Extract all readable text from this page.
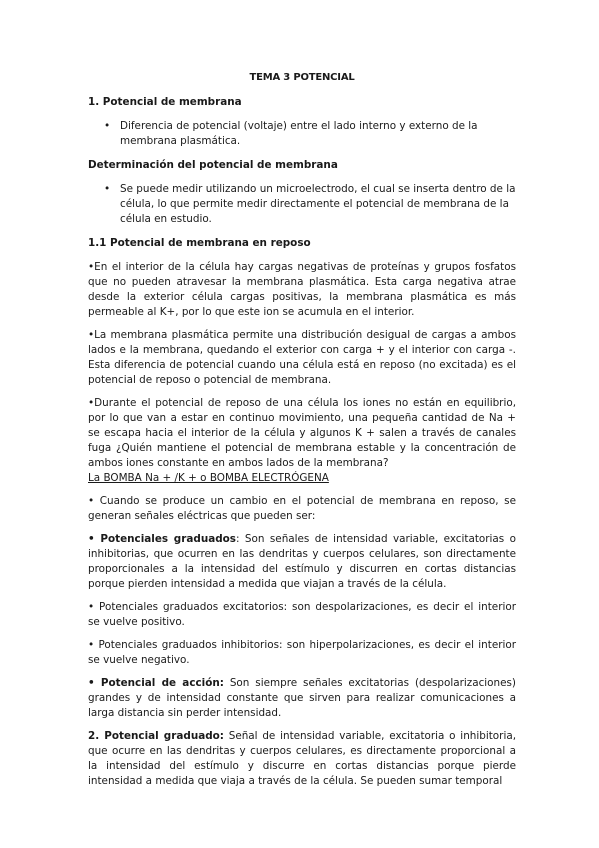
TEMA 3 POTENCIAL
1. Potencial de membrana
• Diferencia de potencial (voltaje) entre el lado interno y externo de la membrana plasmática.
Determinación del potencial de membrana
• Se puede medir utilizando un microelectrodo, el cual se inserta dentro de la célula, lo que permite medir directamente el potencial de membrana de la célula en estudio.
1.1 Potencial de membrana en reposo

•En el interior de la célula hay cargas negativas de proteínas y grupos fosfatos que no pueden atravesar la membrana plasmática. Esta carga negativa atrae desde la exterior célula cargas positivas, la membrana plasmática es más permeable al K+, por lo que este ion se acumula en el interior.

•La membrana plasmática permite una distribución desigual de cargas a ambos lados e la membrana, quedando el exterior con carga + y el interior con carga -. Esta diferencia de potencial cuando una célula está en reposo (no excitada) es el potencial de reposo o potencial de membrana.

•Durante el potencial de reposo de una célula los iones no están en equilibrio, por lo que van a estar en continuo movimiento, una pequeña cantidad de Na + se escapa hacia el interior de la célula y algunos K + salen a través de canales fuga ¿Quién mantiene el potencial de membrana estable y la concentración de ambos iones constante en ambos lados de la membrana?
La BOMBA Na + /K + o BOMBA ELECTRÓGENA

• Cuando se produce un cambio en el potencial de membrana en reposo, se generan señales eléctricas que pueden ser:

• Potenciales graduados: Son señales de intensidad variable, excitatorias o inhibitorias, que ocurren en las dendritas y cuerpos celulares, son directamente proporcionales a la intensidad del estímulo y discurren en cortas distancias porque pierden intensidad a medida que viajan a través de la célula.

• Potenciales graduados excitatorios: son despolarizaciones, es decir el interior se vuelve positivo.

• Potenciales graduados inhibitorios: son hiperpolarizaciones, es decir el interior se vuelve negativo.

• Potencial de acción: Son siempre señales excitatorias (despolarizaciones) grandes y de intensidad constante que sirven para realizar comunicaciones a larga distancia sin perder intensidad.

2. Potencial graduado: Señal de intensidad variable, excitatoria o inhibitoria, que ocurre en las dendritas y cuerpos celulares, es directamente proporcional a la intensidad del estímulo y discurre en cortas distancias porque pierde intensidad a medida que viaja a través de la célula. Se pueden sumar temporal
